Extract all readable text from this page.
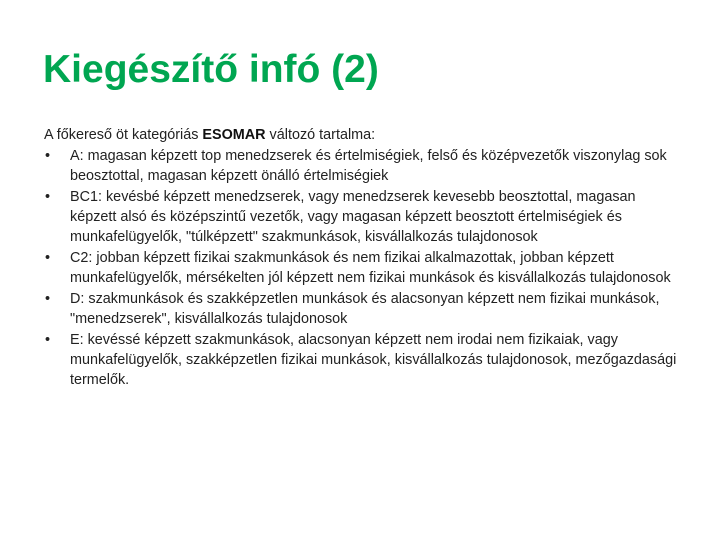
Kiegészítő infó (2)

A főkereső öt kategóriás ESOMAR változó tartalma:

•	A: magasan képzett top menedzserek és értelmiségiek, felső és középvezetők viszonylag sok beosztottal, magasan képzett önálló értelmiségiek
•	BC1: kevésbé képzett menedzserek, vagy menedzserek kevesebb beosztottal, magasan képzett alsó és középszintű vezetők, vagy magasan képzett beosztott értelmiségiek és munkafelügyelők, "túlképzett" szakmunkások, kisvállalkozás tulajdonosok
•	C2: jobban képzett fizikai szakmunkások és nem fizikai alkalmazottak, jobban képzett munkafelügyelők, mérsékelten jól képzett nem fizikai munkások és kisvállalkozás tulajdonosok
•	D: szakmunkások és szakképzetlen munkások és alacsonyan képzett nem fizikai munkások, "menedzserek", kisvállalkozás tulajdonosok
•	E: kevéssé képzett szakmunkások, alacsonyan képzett nem irodai nem fizikaiak, vagy munkafelügyelők, szakképzetlen fizikai munkások, kisvállalkozás tulajdonosok, mezőgazdasági termelők.
